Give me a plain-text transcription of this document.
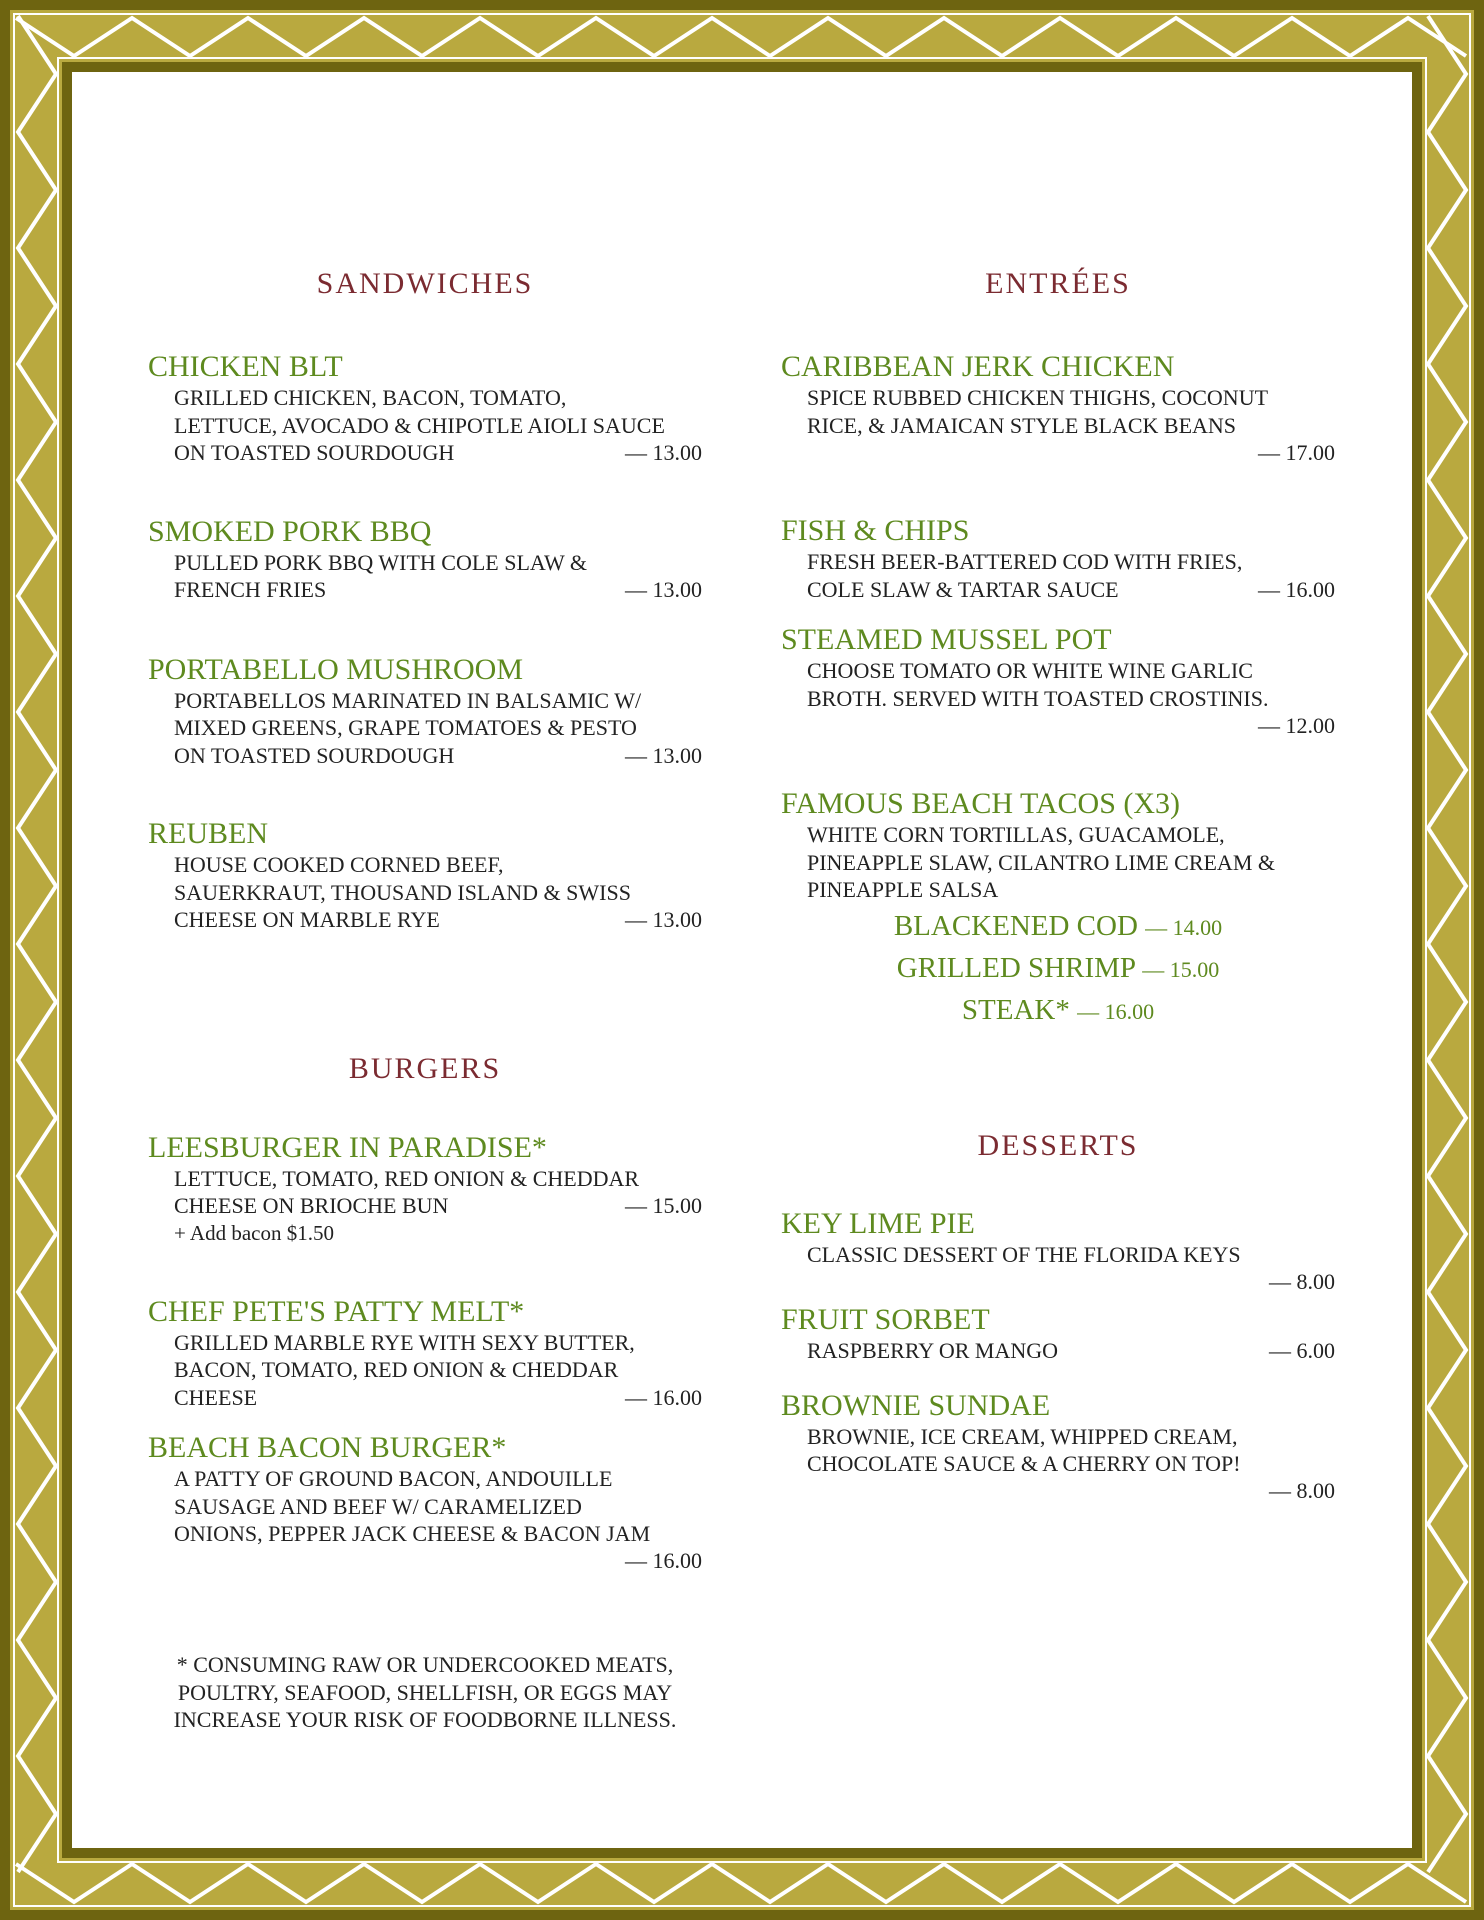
SANDWICHES

CHICKEN BLT

GRILLED CHICKEN, BACON, TOMATO,
LETTUCE, AVOCADO & CHIPOTLE AIOLI SAUCE
ON TOASTED SOURDOUGH	— 13.00

SMOKED PORK BBQ

PULLED PORK BBQ WITH COLE SLAW &
FRENCH FRIES	— 13.00

PORTABELLO MUSHROOM

PORTABELLOS MARINATED IN BALSAMIC W/
MIXED GREENS, GRAPE TOMATOES & PESTO
ON TOASTED SOURDOUGH	— 13.00

REUBEN

HOUSE COOKED CORNED BEEF,
SAUERKRAUT, THOUSAND ISLAND & SWISS
CHEESE ON MARBLE RYE	— 13.00
BURGERS

LEESBURGER IN PARADISE*

LETTUCE, TOMATO, RED ONION & CHEDDAR
CHEESE ON BRIOCHE BUN

+ Add bacon $1.50

— 15.00

CHEF PETE'S PATTY MELT*

GRILLED MARBLE RYE WITH SEXY BUTTER,
BACON, TOMATO, RED ONION & CHEDDAR
CHEESE	— 16.00

BEACH BACON BURGER*

A PATTY OF GROUND BACON, ANDOUILLE
SAUSAGE AND BEEF W/ CARAMELIZED
ONIONS, PEPPER JACK CHEESE & BACON JAM

— 16.00
ENTRÉES

CARIBBEAN JERK CHICKEN

SPICE RUBBED CHICKEN THIGHS, COCONUT
RICE, & JAMAICAN STYLE BLACK BEANS

— 17.00

FISH & CHIPS

FRESH BEER-BATTERED COD WITH FRIES,
COLE SLAW & TARTAR SAUCE	— 16.00

STEAMED MUSSEL POT

CHOOSE TOMATO OR WHITE WINE GARLIC
BROTH. SERVED WITH TOASTED CROSTINIS.

— 12.00

FAMOUS BEACH TACOS (X3)

WHITE CORN TORTILLAS, GUACAMOLE,
PINEAPPLE SLAW, CILANTRO LIME CREAM &
PINEAPPLE SALSA

BLACKENED COD — 14.00

GRILLED SHRIMP — 15.00

STEAK* — 16.00

DESSERTS

KEY LIME PIE

CLASSIC DESSERT OF THE FLORIDA KEYS

— 8.00

FRUIT SORBET

RASPBERRY OR MANGO	— 6.00

BROWNIE SUNDAE

BROWNIE, ICE CREAM, WHIPPED CREAM,
CHOCOLATE SAUCE & A CHERRY ON TOP!

— 8.00
* CONSUMING RAW OR UNDERCOOKED MEATS,
POULTRY, SEAFOOD, SHELLFISH, OR EGGS MAY
INCREASE YOUR RISK OF FOODBORNE ILLNESS.
